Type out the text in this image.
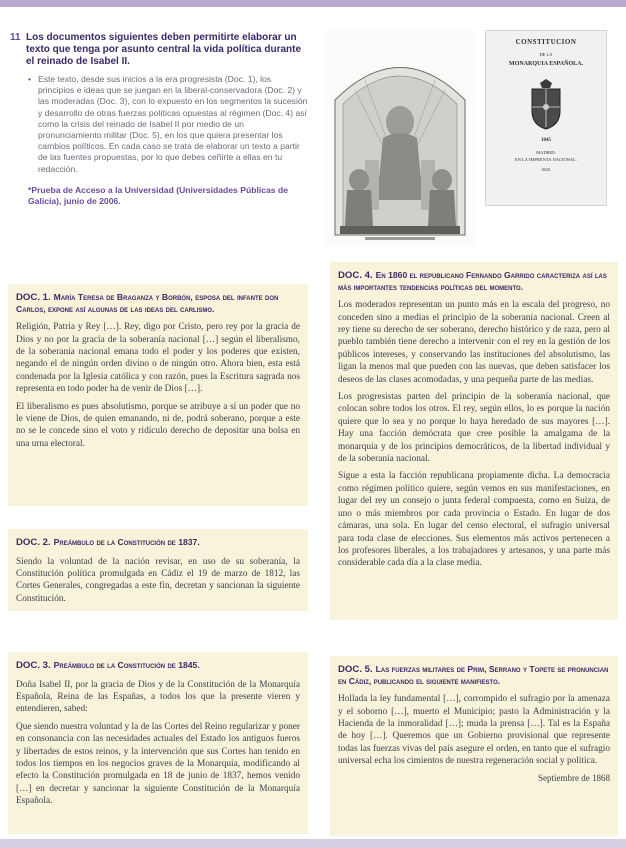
11 Los documentos siguientes deben permitirte elaborar un texto que tenga por asunto central la vida política durante el reinado de Isabel II.
• Este texto, desde sus inicios a la era progresista (Doc. 1), los principios e ideas que se juegan en la liberal-conservadora (Doc. 2) y las moderadas (Doc. 3), con lo expuesto en los segmentos la sucesión y desarrollo de otras fuerzas políticas opuestas al régimen (Doc. 4) así como la crisis del reinado de Isabel II por medio de un pronunciamiento militar (Doc. 5), en los que quiera presentar los cambios políticos. En cada caso se trata de elaborar un texto a partir de las fuentes propuestas, por lo que debes ceñirte a ellas en tu redacción.
*Prueba de Acceso a la Universidad (Universidades Públicas de Galicia), junio de 2006.
CONSTITUCION
DE LA
MONARQUIA ESPAÑOLA.
1845
MADRID:
EN LA IMPRENTA NACIONAL.
1845.
DOC. 1. María Teresa de Braganza y Borbón, esposa del infante don Carlos, expone así algunas de las ideas del carlismo.

Religión, Patria y Rey […]. Rey, digo por Cristo, pero rey por la gracia de Dios y no por la gracia de la soberanía nacional […] según el liberalismo, de la soberanía nacional emana todo el poder y los poderes que existen, negando el de ningún orden divino o de ningún otro. Ahora bien, esta está condenada por la Iglesia católica y con razón, pues la Escritura sagrada nos representa en todo poder ha de venir de Dios […].

El liberalismo es pues absolutismo, porque se atribuye a sí un poder que no le viene de Dios, de quien emanando, ni de, podrá soberano, porque a este no se le concede sino el voto y ridículo derecho de depositar una bolsa en una urna electoral.

DOC. 2. Preámbulo de la Constitución de 1837.

Siendo la voluntad de la nación revisar, en uso de su soberanía, la Constitución política promulgada en Cádiz el 19 de marzo de 1812, las Cortes Generales, congregadas a este fin, decretan y sancionan la siguiente Constitución.

DOC. 3. Preámbulo de la Constitución de 1845.

Doña Isabel II, por la gracia de Dios y de la Constitución de la Monarquía Española, Reina de las Españas, a todos los que la presente vieren y entendieren, sabed:

Que siendo nuestra voluntad y la de las Cortes del Reino regularizar y poner en consonancia con las necesidades actuales del Estado los antiguos fueros y libertades de estos reinos, y la intervención que sus Cortes han tenido en todos los tiempos en los negocios graves de la Monarquía, modificando al efecto la Constitución promulgada en 18 de junio de 1837, hemos venido […] en decretar y sancionar la siguiente Constitución de la Monarquía Española.

DOC. 4. En 1860 el republicano Fernando Garrido caracteriza así las más importantes tendencias políticas del momento.

Los moderados representan un punto más en la escala del progreso, no conceden sino a medias el principio de la soberanía nacional. Creen al rey tiene su derecho de ser soberano, derecho histórico y de raza, pero al pueblo también tiene derecho a intervenir con el rey en la gestión de los públicos intereses, y conservando las instituciones del absolutismo, las ligan la menos mal que pueden con las nuevas, que deben satisfacer los deseos de las clases acomodadas, y una pequeña parte de las medias.

Los progresistas parten del principio de la soberanía nacional, que colocan sobre todos los otros. El rey, según ellos, lo es porque la nación quiere que lo sea y no porque lo haya heredado de sus mayores […]. Hay una facción demócrata que cree posible la amalgama de la monarquía y de los principios democráticos, de la libertad individual y de la soberanía nacional.

Sigue a esta la facción republicana propiamente dicha. La democracia como régimen político quiere, según vemos en sus manifestaciones, en lugar del rey un consejo o junta federal compuesta, como en Suiza, de uno o más miembros por cada provincia o Estado. En lugar de dos cámaras, una sola. En lugar del censo electoral, el sufragio universal para toda clase de elecciones. Sus elementos más activos pertenecen a los profesores liberales, a los trabajadores y artesanos, y una parte más considerable cada día a la clase media.

DOC. 5. Las fuerzas militares de Prim, Serrano y Topete se pronuncian en Cádiz, publicando el siguiente manifiesto.

Hollada la ley fundamental […], corrompido el sufragio por la amenaza y el soborno […], muerto el Municipio; pasto la Administración y la Hacienda de la inmoralidad […]; muda la prensa […]. Tal es la España de hoy […]. Queremos que un Gobierno provisional que represente todas las fuerzas vivas del país asegure el orden, en tanto que el sufragio universal echa los cimientos de nuestra regeneración social y política.

Septiembre de 1868
